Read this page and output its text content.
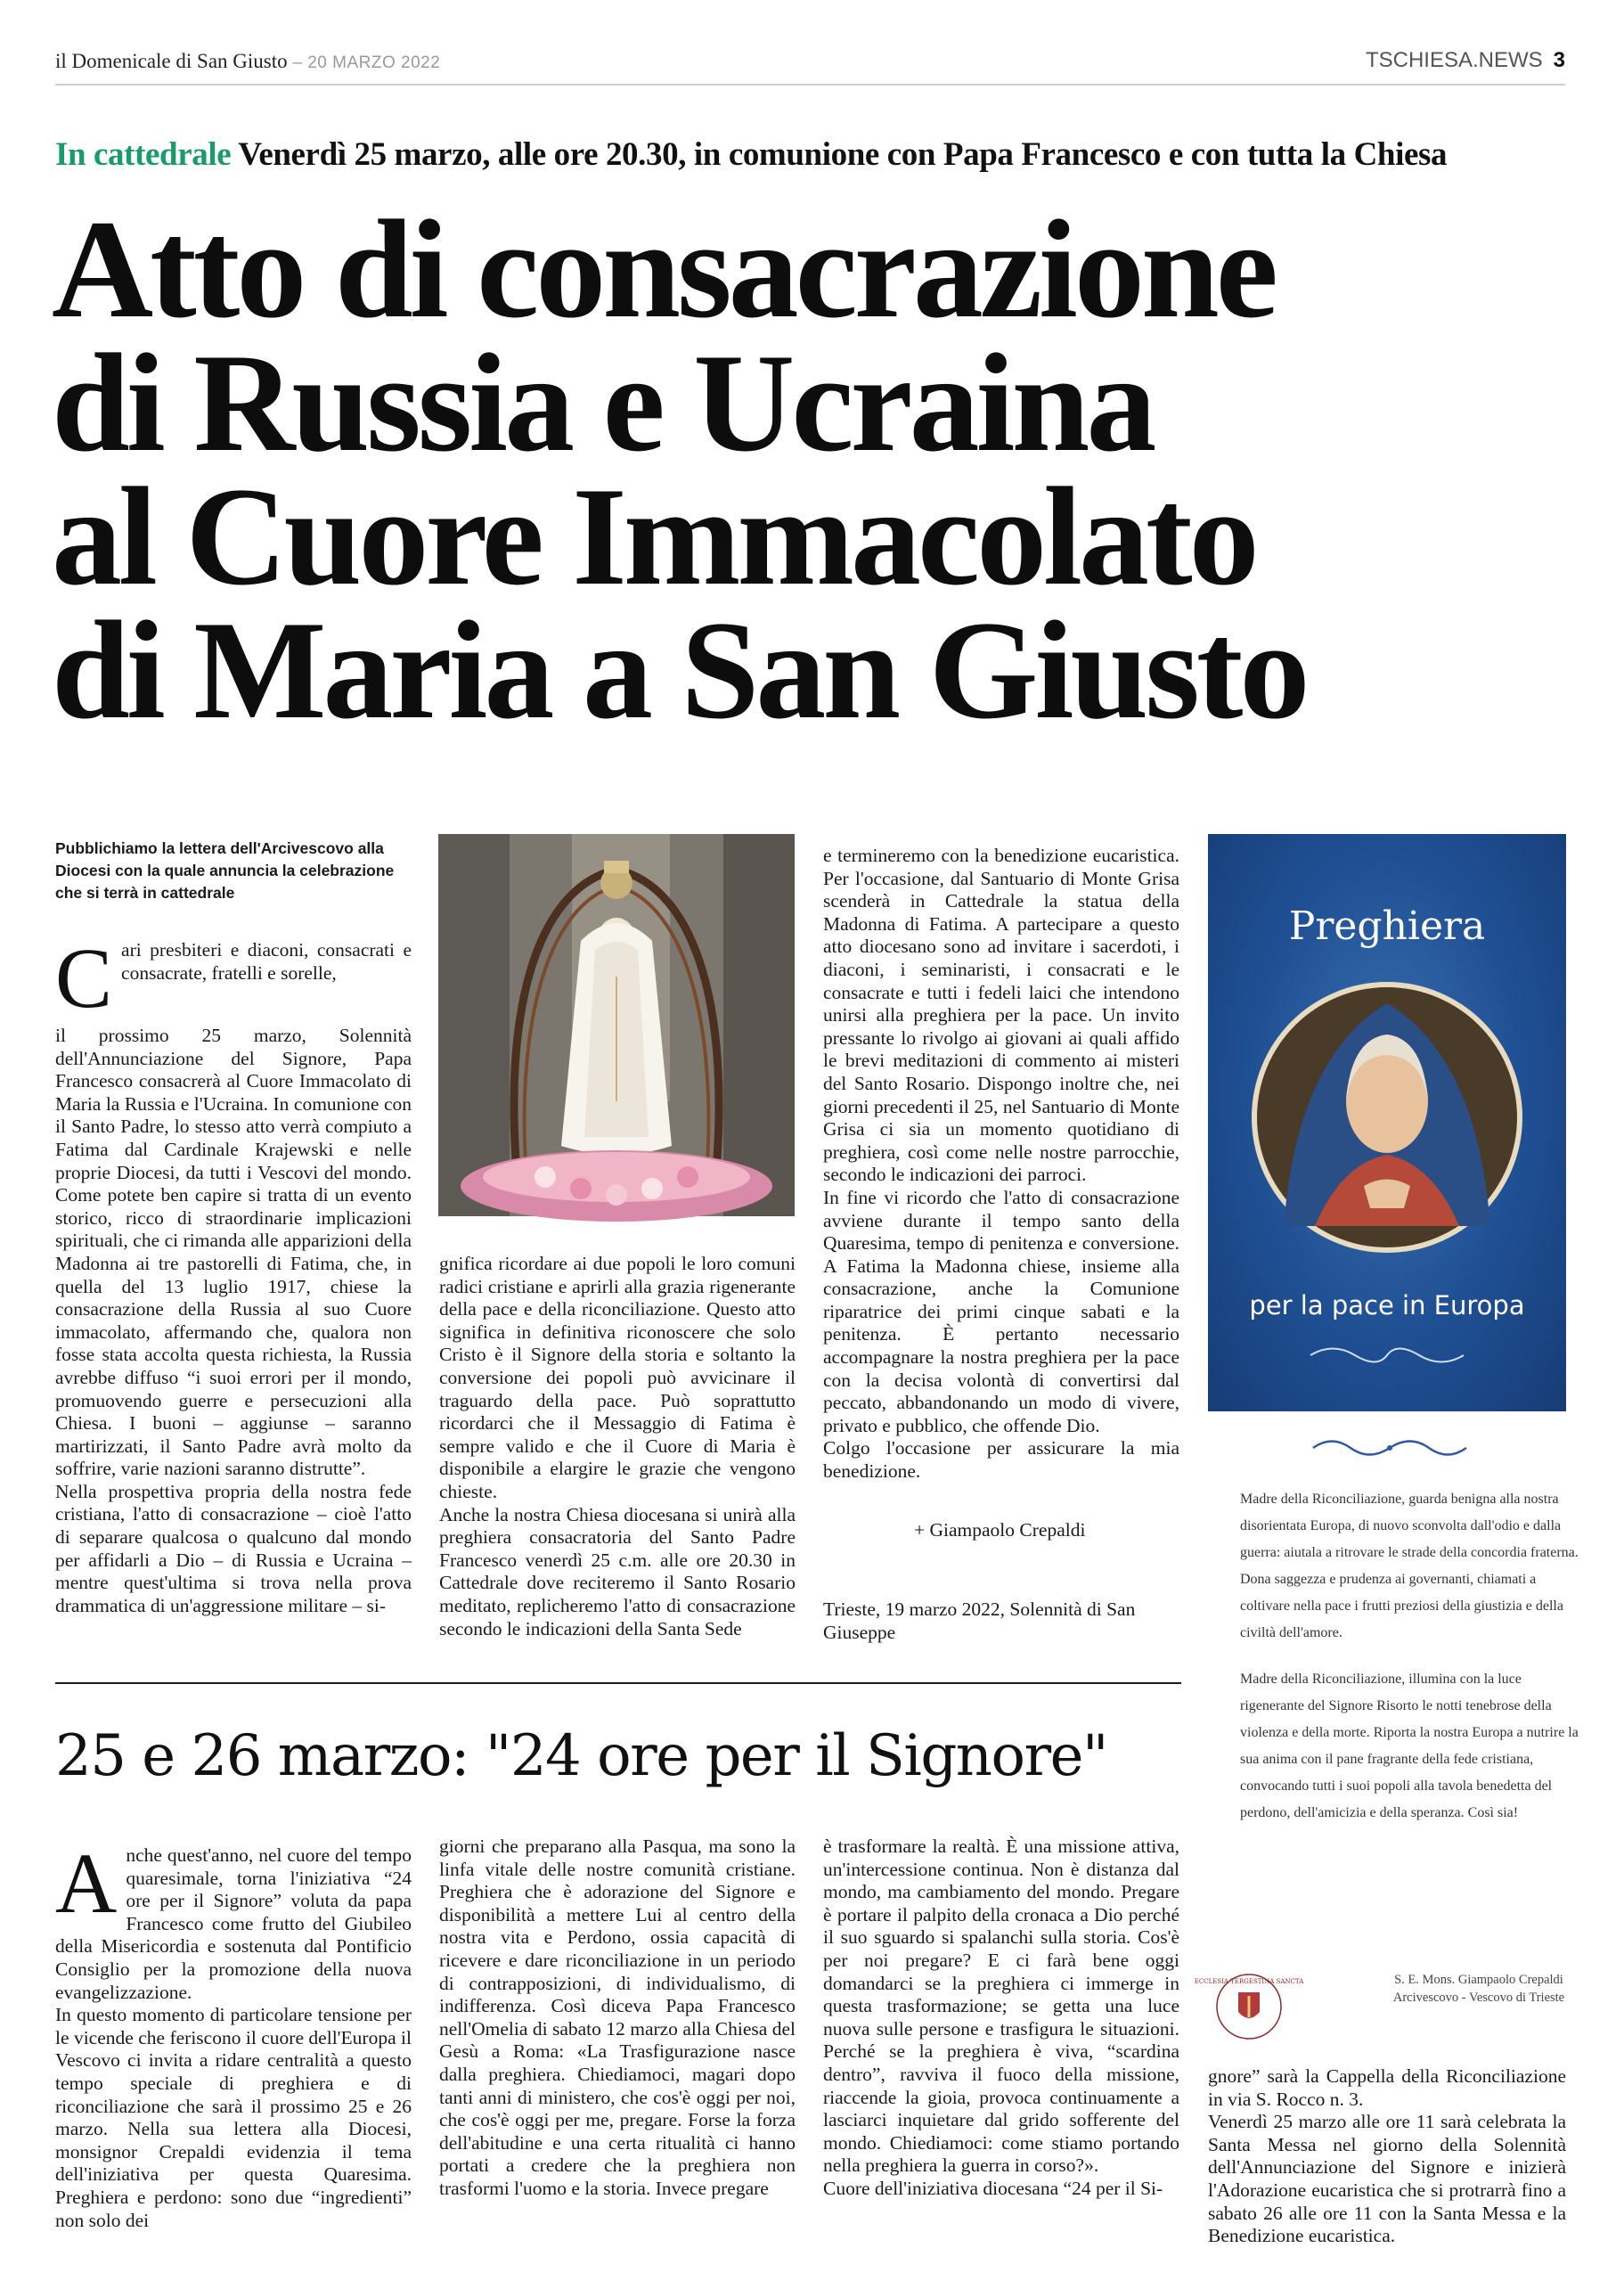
il Domenicale di San Giusto – 20 MARZO 2022	TSCHIESA.NEWS 3
In cattedrale Venerdì 25 marzo, alle ore 20.30, in comunione con Papa Francesco e con tutta la Chiesa
Atto di consacrazione
di Russia e Ucraina
al Cuore Immacolato
di Maria a San Giusto
Pubblichiamo la lettera dell'Arcivescovo alla Diocesi con la quale annuncia la celebrazione che si terrà in cattedrale

Cari presbiteri e diaconi, consacrati e consacrate, fratelli e sorelle,

il prossimo 25 marzo, Solennità dell'Annunciazione del Signore, Papa Francesco consacrerà al Cuore Immacolato di Maria la Russia e l'Ucraina. In comunione con il Santo Padre, lo stesso atto verrà compiuto a Fatima dal Cardinale Krajewski e nelle proprie Diocesi, da tutti i Vescovi del mondo. Come potete ben capire si tratta di un evento storico, ricco di straordinarie implicazioni spirituali, che ci rimanda alle apparizioni della Madonna ai tre pastorelli di Fatima, che, in quella del 13 luglio 1917, chiese la consacrazione della Russia al suo Cuore immacolato, affermando che, qualora non fosse stata accolta questa richiesta, la Russia avrebbe diffuso “i suoi errori per il mondo, promuovendo guerre e persecuzioni alla Chiesa. I buoni – aggiunse – saranno martirizzati, il Santo Padre avrà molto da soffrire, varie nazioni saranno distrutte”.

Nella prospettiva propria della nostra fede cristiana, l'atto di consacrazione – cioè l'atto di separare qualcosa o qualcuno dal mondo per affidarli a Dio – di Russia e Ucraina – mentre quest'ultima si trova nella prova drammatica di un'aggressione militare – si-

gnifica ricordare ai due popoli le loro comuni radici cristiane e aprirli alla grazia rigenerante della pace e della riconciliazione. Questo atto significa in definitiva riconoscere che solo Cristo è il Signore della storia e soltanto la conversione dei popoli può avvicinare il traguardo della pace. Può soprattutto ricordarci che il Messaggio di Fatima è sempre valido e che il Cuore di Maria è disponibile a elargire le grazie che vengono chieste.

Anche la nostra Chiesa diocesana si unirà alla preghiera consacratoria del Santo Padre Francesco venerdì 25 c.m. alle ore 20.30 in Cattedrale dove reciteremo il Santo Rosario meditato, replicheremo l'atto di consacrazione secondo le indicazioni della Santa Sede

e termineremo con la benedizione eucaristica. Per l'occasione, dal Santuario di Monte Grisa scenderà in Cattedrale la statua della Madonna di Fatima. A partecipare a questo atto diocesano sono ad invitare i sacerdoti, i diaconi, i seminaristi, i consacrati e le consacrate e tutti i fedeli laici che intendono unirsi alla preghiera per la pace. Un invito pressante lo rivolgo ai giovani ai quali affido le brevi meditazioni di commento ai misteri del Santo Rosario. Dispongo inoltre che, nei giorni precedenti il 25, nel Santuario di Monte Grisa ci sia un momento quotidiano di preghiera, così come nelle nostre parrocchie, secondo le indicazioni dei parroci.

In fine vi ricordo che l'atto di consacrazione avviene durante il tempo santo della Quaresima, tempo di penitenza e conversione. A Fatima la Madonna chiese, insieme alla consacrazione, anche la Comunione riparatrice dei primi cinque sabati e la penitenza. È pertanto necessario accompagnare la nostra preghiera per la pace con la decisa volontà di convertirsi dal peccato, abbandonando un modo di vivere, privato e pubblico, che offende Dio.

Colgo l'occasione per assicurare la mia benedizione.

+ Giampaolo Crepaldi
Trieste, 19 marzo 2022, Solennità di San Giuseppe
Preghiera
per la pace in Europa

Madre della Riconciliazione, guarda benigna alla nostra disorientata Europa, di nuovo sconvolta dall'odio e dalla guerra: aiutala a ritrovare le strade della concordia fraterna. Dona saggezza e prudenza ai governanti, chiamati a coltivare nella pace i frutti preziosi della giustizia e della civiltà dell'amore.

Madre della Riconciliazione, illumina con la luce rigenerante del Signore Risorto le notti tenebrose della violenza e della morte. Riporta la nostra Europa a nutrire la sua anima con il pane fragrante della fede cristiana, convocando tutti i suoi popoli alla tavola benedetta del perdono, dell'amicizia e della speranza. Così sia!

ECCLESIA TERGESTINA SANCTA	S. E. Mons. Giampaolo Crepaldi
Arcivescovo - Vescovo di Trieste
25 e 26 marzo: "24 ore per il Signore"

Anche quest'anno, nel cuore del tempo quaresimale, torna l'iniziativa “24 ore per il Signore” voluta da papa Francesco come frutto del Giubileo della Misericordia e sostenuta dal Pontificio Consiglio per la promozione della nuova evangelizzazione.

In questo momento di particolare tensione per le vicende che feriscono il cuore dell'Europa il Vescovo ci invita a ridare centralità a questo tempo speciale di preghiera e di riconciliazione che sarà il prossimo 25 e 26 marzo. Nella sua lettera alla Diocesi, monsignor Crepaldi evidenzia il tema dell'iniziativa per questa Quaresima. Preghiera e perdono: sono due “ingredienti” non solo dei

giorni che preparano alla Pasqua, ma sono la linfa vitale delle nostre comunità cristiane. Preghiera che è adorazione del Signore e disponibilità a mettere Lui al centro della nostra vita e Perdono, ossia capacità di ricevere e dare riconciliazione in un periodo di contrapposizioni, di individualismo, di indifferenza. Così diceva Papa Francesco nell'Omelia di sabato 12 marzo alla Chiesa del Gesù a Roma: «La Trasfigurazione nasce dalla preghiera. Chiediamoci, magari dopo tanti anni di ministero, che cos'è oggi per noi, che cos'è oggi per me, pregare. Forse la forza dell'abitudine e una certa ritualità ci hanno portati a credere che la preghiera non trasformi l'uomo e la storia. Invece pregare

è trasformare la realtà. È una missione attiva, un'intercessione continua. Non è distanza dal mondo, ma cambiamento del mondo. Pregare è portare il palpito della cronaca a Dio perché il suo sguardo si spalanchi sulla storia. Cos'è per noi pregare? E ci farà bene oggi domandarci se la preghiera ci immerge in questa trasformazione; se getta una luce nuova sulle persone e trasfigura le situazioni. Perché se la preghiera è viva, “scardina dentro”, ravviva il fuoco della missione, riaccende la gioia, provoca continuamente a lasciarci inquietare dal grido sofferente del mondo. Chiediamoci: come stiamo portando nella preghiera la guerra in corso?».

Cuore dell'iniziativa diocesana “24 per il Si-

gnore” sarà la Cappella della Riconciliazione in via S. Rocco n. 3.

Venerdì 25 marzo alle ore 11 sarà celebrata la Santa Messa nel giorno della Solennità dell'Annunciazione del Signore e inizierà l'Adorazione eucaristica che si protrarrà fino a sabato 26 alle ore 11 con la Santa Messa e la Benedizione eucaristica.
